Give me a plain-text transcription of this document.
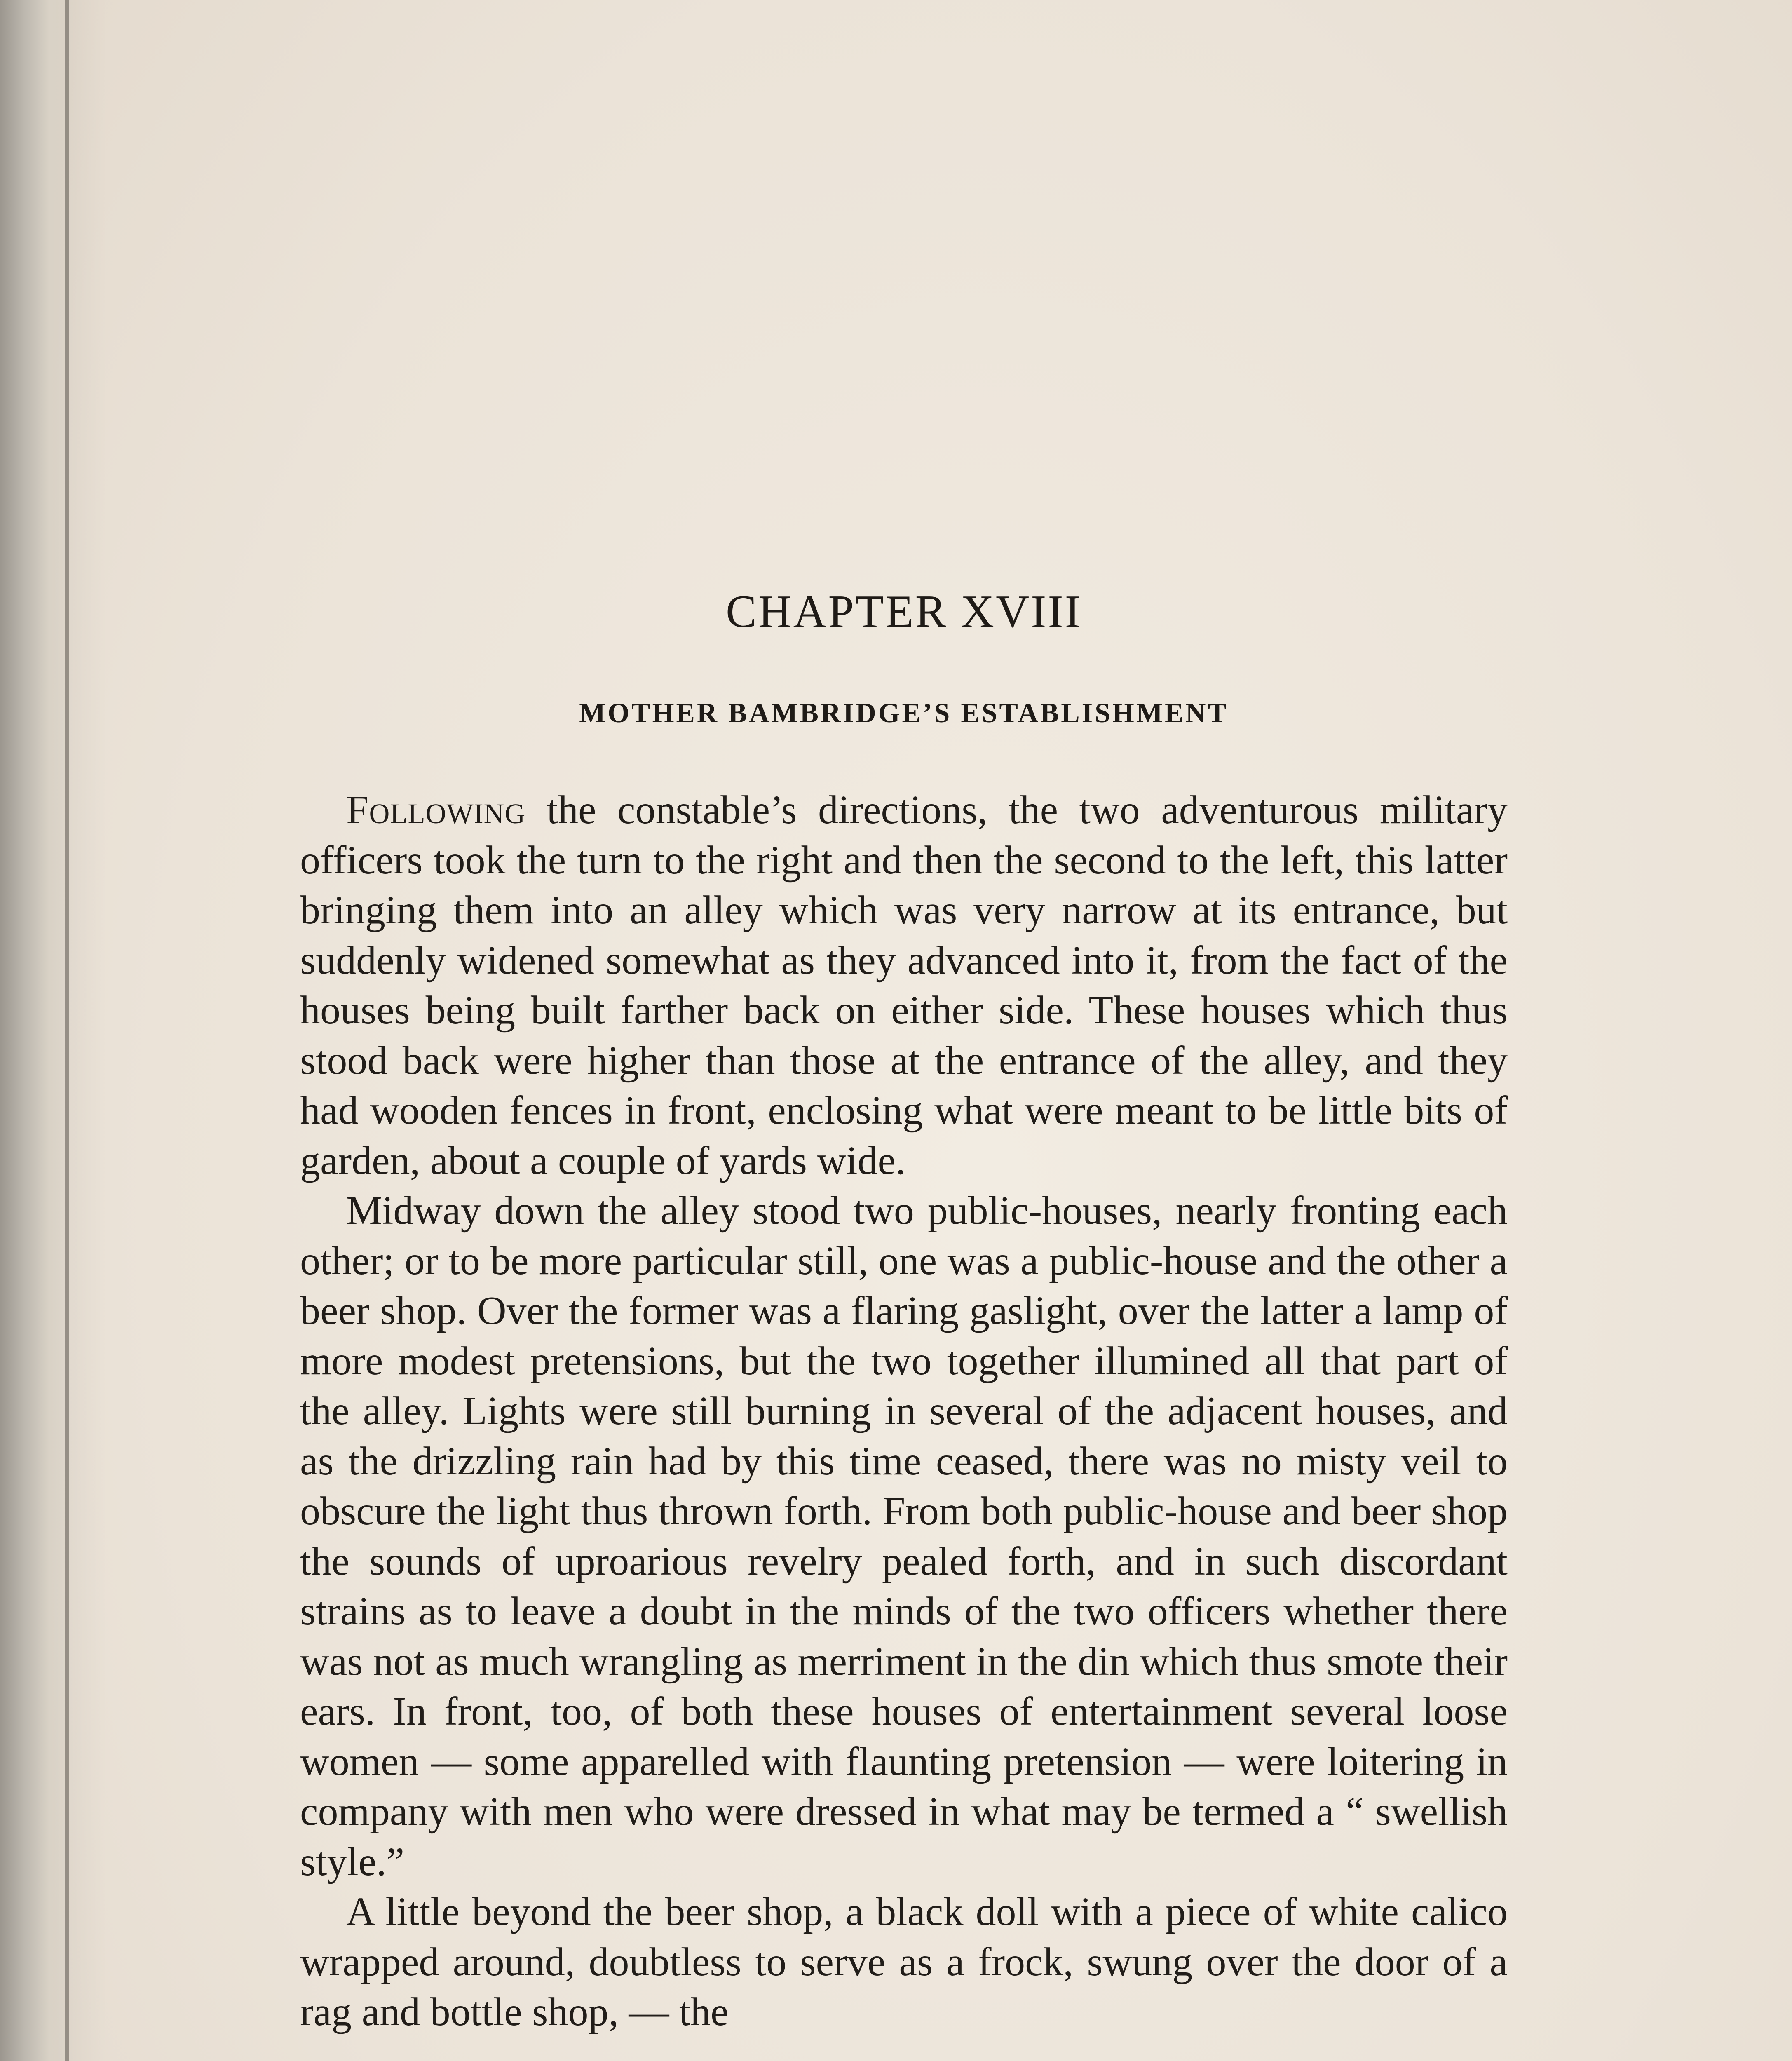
CHAPTER XVIII
MOTHER BAMBRIDGE’S ESTABLISHMENT

Following the constable’s directions, the two adventurous military officers took the turn to the right and then the second to the left, this latter bringing them into an alley which was very narrow at its entrance, but suddenly widened somewhat as they advanced into it, from the fact of the houses being built farther back on either side. These houses which thus stood back were higher than those at the entrance of the alley, and they had wooden fences in front, enclosing what were meant to be little bits of garden, about a couple of yards wide.

Midway down the alley stood two public-houses, nearly fronting each other; or to be more particular still, one was a public-house and the other a beer shop. Over the former was a flaring gaslight, over the latter a lamp of more modest pretensions, but the two together illumined all that part of the alley. Lights were still burning in several of the adjacent houses, and as the drizzling rain had by this time ceased, there was no misty veil to obscure the light thus thrown forth. From both public-house and beer shop the sounds of uproarious revelry pealed forth, and in such discordant strains as to leave a doubt in the minds of the two officers whether there was not as much wrangling as merriment in the din which thus smote their ears. In front, too, of both these houses of entertainment several loose women — some apparelled with flaunting pretension — were loitering in company with men who were dressed in what may be termed a “ swellish style.”

A little beyond the beer shop, a black doll with a piece of white calico wrapped around, doubtless to serve as a frock, swung over the door of a rag and bottle shop, — the
